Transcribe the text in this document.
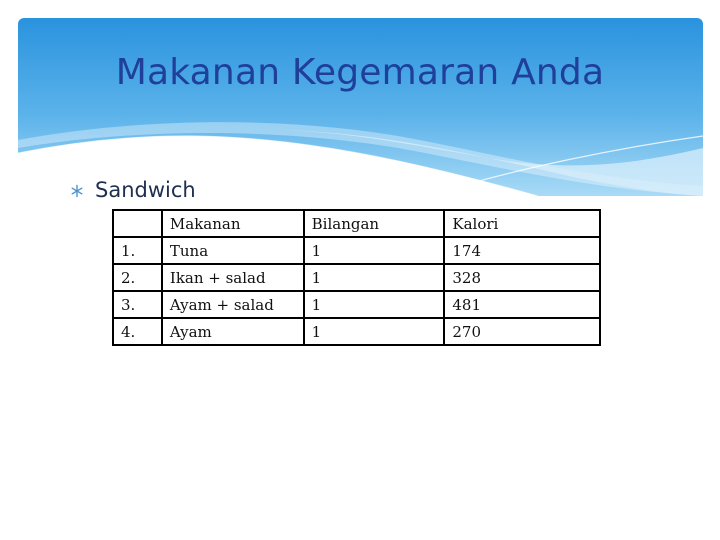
Makanan Kegemaran Anda
Sandwich
	Makanan	Bilangan	Kalori
1.	Tuna	1	174
2.	Ikan + salad	1	328
3.	Ayam + salad	1	481
4.	Ayam	1	270
